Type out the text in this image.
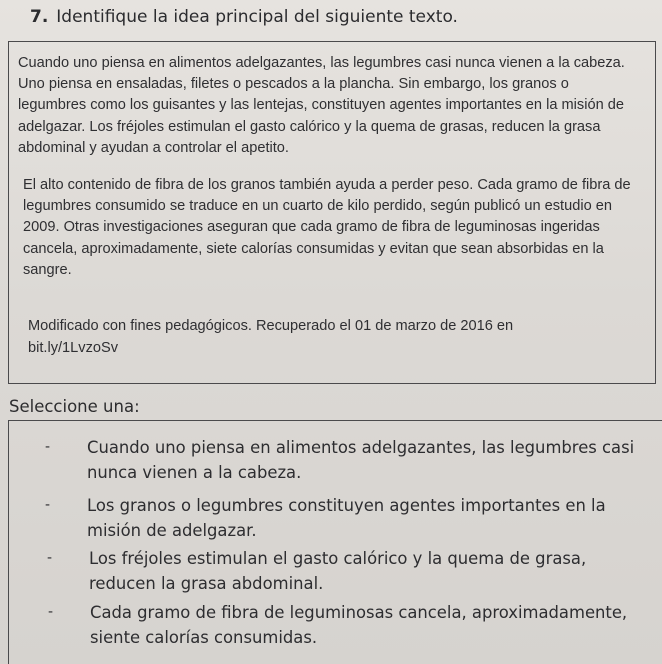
7. Identifique la idea principal del siguiente texto.

Cuando uno piensa en alimentos adelgazantes, las legumbres casi nunca vienen a la cabeza. Uno piensa en ensaladas, filetes o pescados a la plancha. Sin embargo, los granos o legumbres como los guisantes y las lentejas, constituyen agentes importantes en la misión de adelgazar. Los fréjoles estimulan el gasto calórico y la quema de grasas, reducen la grasa abdominal y ayudan a controlar el apetito.

El alto contenido de fibra de los granos también ayuda a perder peso. Cada gramo de fibra de legumbres consumido se traduce en un cuarto de kilo perdido, según publicó un estudio en 2009. Otras investigaciones aseguran que cada gramo de fibra de leguminosas ingeridas cancela, aproximadamente, siete calorías consumidas y evitan que sean absorbidas en la sangre.

Modificado con fines pedagógicos. Recuperado el 01 de marzo de 2016 en bit.ly/1LvzoSv

Seleccione una:
- Cuando uno piensa en alimentos adelgazantes, las legumbres casi nunca vienen a la cabeza.
- Los granos o legumbres constituyen agentes importantes en la misión de adelgazar.
- Los fréjoles estimulan el gasto calórico y la quema de grasa, reducen la grasa abdominal.
- Cada gramo de fibra de leguminosas cancela, aproximadamente, siente calorías consumidas.
